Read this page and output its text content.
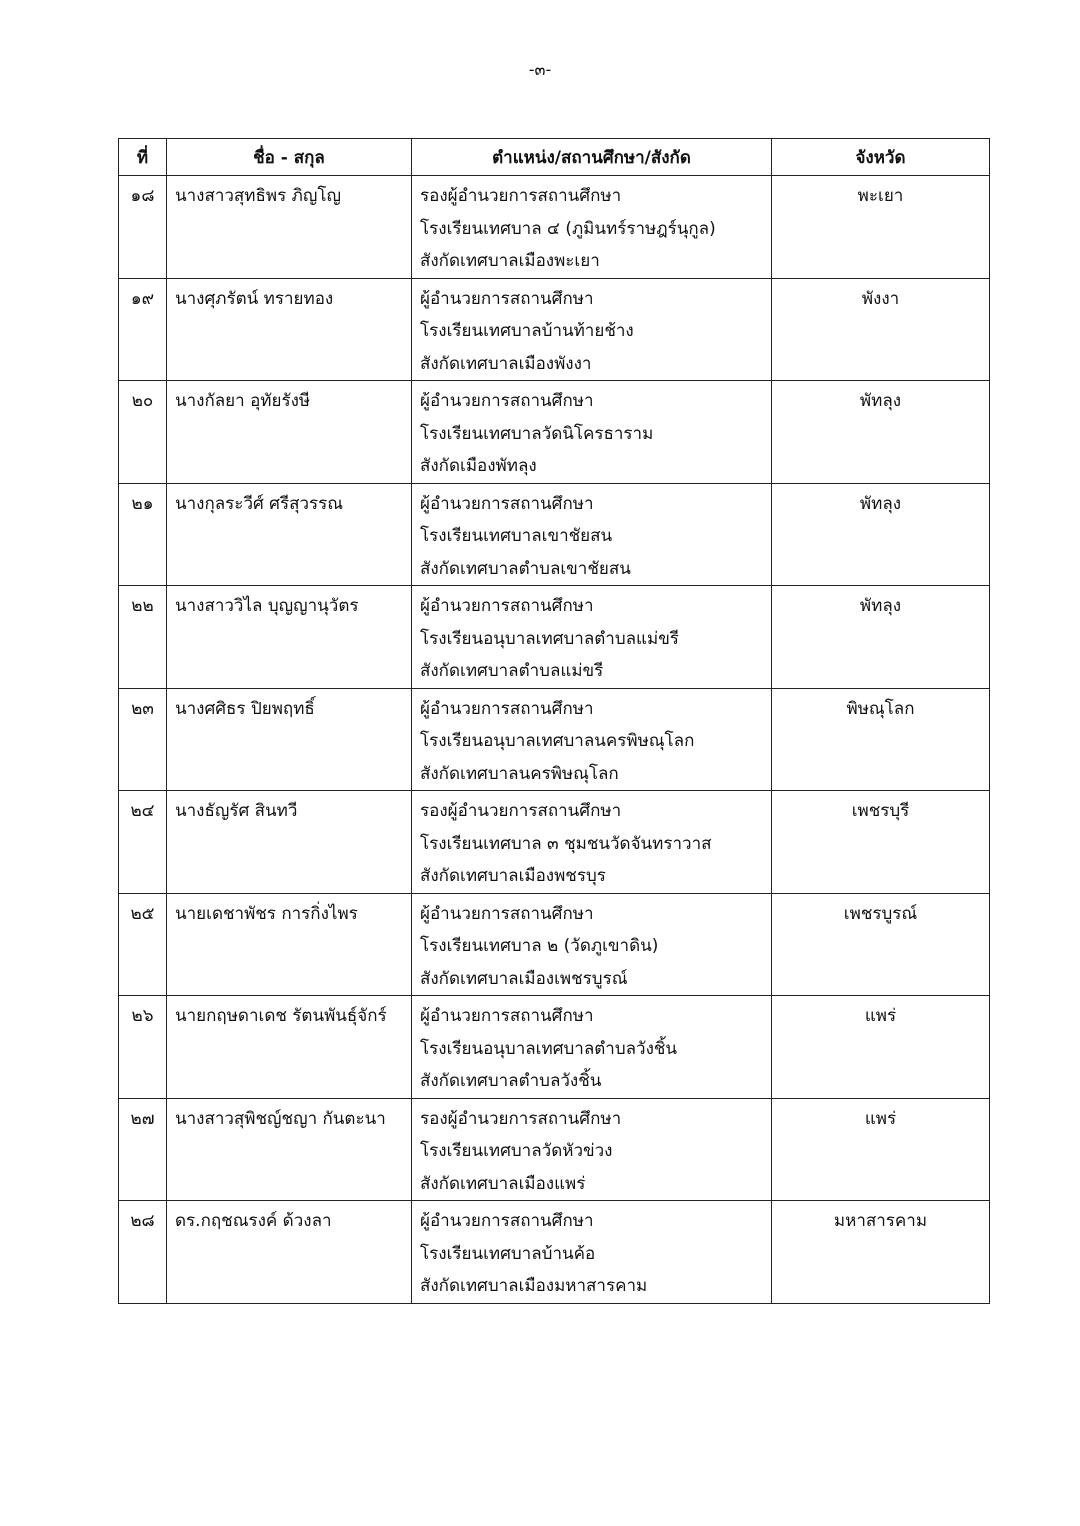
-๓-
ที่	ชื่อ - สกุล	ตำแหน่ง/สถานศึกษา/สังกัด	จังหวัด
๑๘	นางสาวสุทธิพร ภิญโญ	รองผู้อำนวยการสถานศึกษา
โรงเรียนเทศบาล ๔ (ภูมินทร์ราษฎร์นุกูล)
สังกัดเทศบาลเมืองพะเยา	พะเยา
๑๙	นางศุภรัตน์ ทรายทอง	ผู้อำนวยการสถานศึกษา
โรงเรียนเทศบาลบ้านท้ายช้าง
สังกัดเทศบาลเมืองพังงา	พังงา
๒๐	นางกัลยา อุทัยรังษี	ผู้อำนวยการสถานศึกษา
โรงเรียนเทศบาลวัดนิโครธาราม
สังกัดเมืองพัทลุง	พัทลุง
๒๑	นางกุลระวีศ์ ศรีสุวรรณ	ผู้อำนวยการสถานศึกษา
โรงเรียนเทศบาลเขาชัยสน
สังกัดเทศบาลตำบลเขาชัยสน	พัทลุง
๒๒	นางสาววิไล บุญญานุวัตร	ผู้อำนวยการสถานศึกษา
โรงเรียนอนุบาลเทศบาลตำบลแม่ขรี
สังกัดเทศบาลตำบลแม่ขรี	พัทลุง
๒๓	นางศศิธร ปิยพฤทธิ์	ผู้อำนวยการสถานศึกษา
โรงเรียนอนุบาลเทศบาลนครพิษณุโลก
สังกัดเทศบาลนครพิษณุโลก	พิษณุโลก
๒๔	นางธัญรัศ สินทวี	รองผู้อำนวยการสถานศึกษา
โรงเรียนเทศบาล ๓ ชุมชนวัดจันทราวาส
สังกัดเทศบาลเมืองพชรบุร	เพชรบุรี
๒๕	นายเดชาพัชร การกิ่งไพร	ผู้อำนวยการสถานศึกษา
โรงเรียนเทศบาล ๒ (วัดภูเขาดิน)
สังกัดเทศบาลเมืองเพชรบูรณ์	เพชรบูรณ์
๒๖	นายกฤษดาเดช รัตนพันธุ์จักร์	ผู้อำนวยการสถานศึกษา
โรงเรียนอนุบาลเทศบาลตำบลวังชิ้น
สังกัดเทศบาลตำบลวังชิ้น	แพร่
๒๗	นางสาวสุพิชญ์ชญา กันตะนา	รองผู้อำนวยการสถานศึกษา
โรงเรียนเทศบาลวัดหัวข่วง
สังกัดเทศบาลเมืองแพร่	แพร่
๒๘	ดร.กฤชณรงค์ ด้วงลา	ผู้อำนวยการสถานศึกษา
โรงเรียนเทศบาลบ้านค้อ
สังกัดเทศบาลเมืองมหาสารคาม	มหาสารคาม
